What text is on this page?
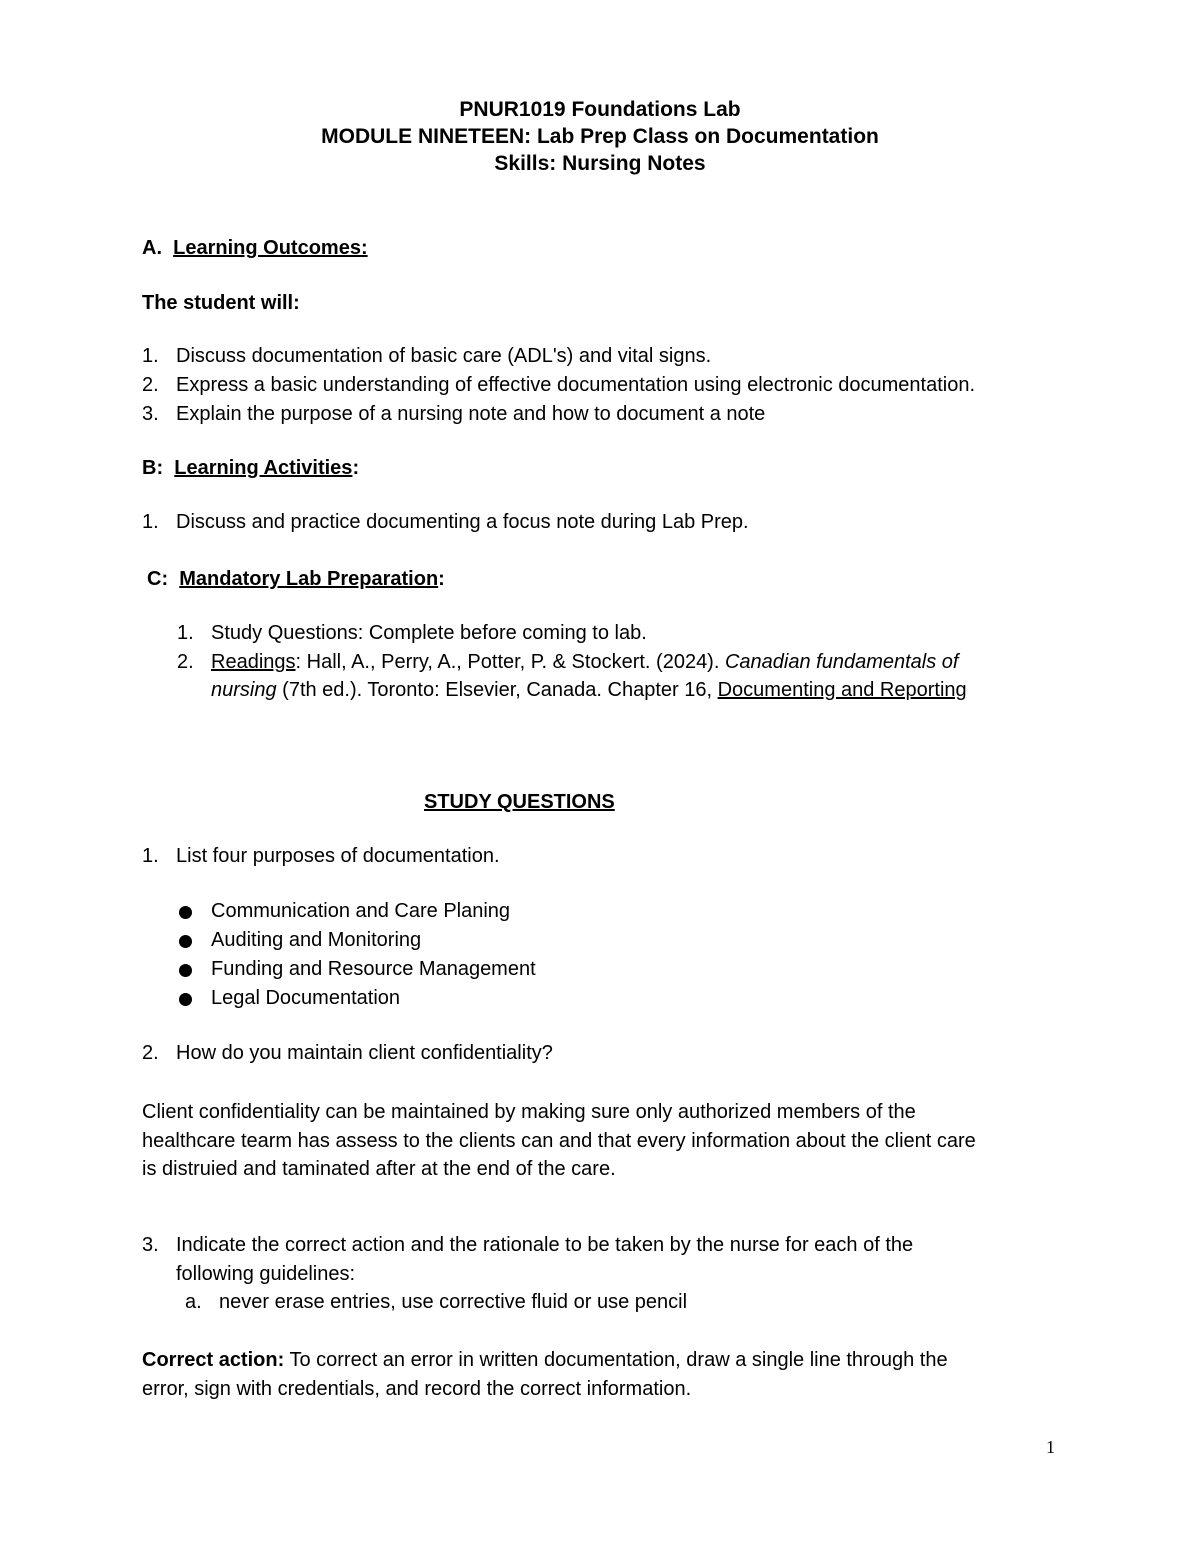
PNUR1019 Foundations Lab
MODULE NINETEEN: Lab Prep Class on Documentation
Skills: Nursing Notes
A. Learning Outcomes:
The student will:
1. Discuss documentation of basic care (ADL's) and vital signs.
2. Express a basic understanding of effective documentation using electronic documentation.
3. Explain the purpose of a nursing note and how to document a note
B: Learning Activities:
1. Discuss and practice documenting a focus note during Lab Prep.
C: Mandatory Lab Preparation:
1. Study Questions: Complete before coming to lab.
2. Readings: Hall, A., Perry, A., Potter, P. & Stockert. (2024). Canadian fundamentals of
nursing (7th ed.). Toronto: Elsevier, Canada. Chapter 16, Documenting and Reporting
STUDY QUESTIONS
1. List four purposes of documentation.
Communication and Care Planing
Auditing and Monitoring
Funding and Resource Management
Legal Documentation
2. How do you maintain client confidentiality?
Client confidentiality can be maintained by making sure only authorized members of the
healthcare tearm has assess to the clients can and that every information about the client care
is distruied and taminated after at the end of the care.
3. Indicate the correct action and the rationale to be taken by the nurse for each of the
following guidelines:
a. never erase entries, use corrective fluid or use pencil
Correct action: To correct an error in written documentation, draw a single line through the
error, sign with credentials, and record the correct information.
1
